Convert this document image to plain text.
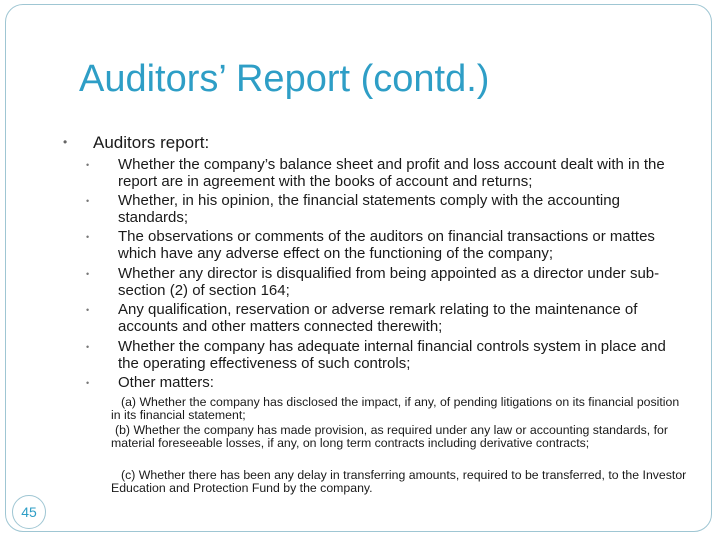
Auditors’ Report (contd.)
• Auditors report:
• Whether the company’s balance sheet and profit and loss account dealt with in the report are in agreement with the books of account and returns;
• Whether, in his opinion, the financial statements comply with the accounting standards;
• The observations or comments of the auditors on financial transactions or mattes which have any adverse effect on the functioning of the company;
• Whether any director is disqualified from being appointed as a director under sub-section (2) of section 164;
• Any qualification, reservation or adverse remark relating to the maintenance of accounts and other matters connected therewith;
• Whether the company has adequate internal financial controls system in place and the operating effectiveness of such controls;
• Other matters:
(a) Whether the company has disclosed the impact, if any, of pending litigations on its financial position in its financial statement;
(b) Whether the company has made provision, as required under any law or accounting standards, for material foreseeable losses, if any, on long term contracts including derivative contracts;
(c) Whether there has been any delay in transferring amounts, required to be transferred, to the Investor Education and Protection Fund by the company.
45
